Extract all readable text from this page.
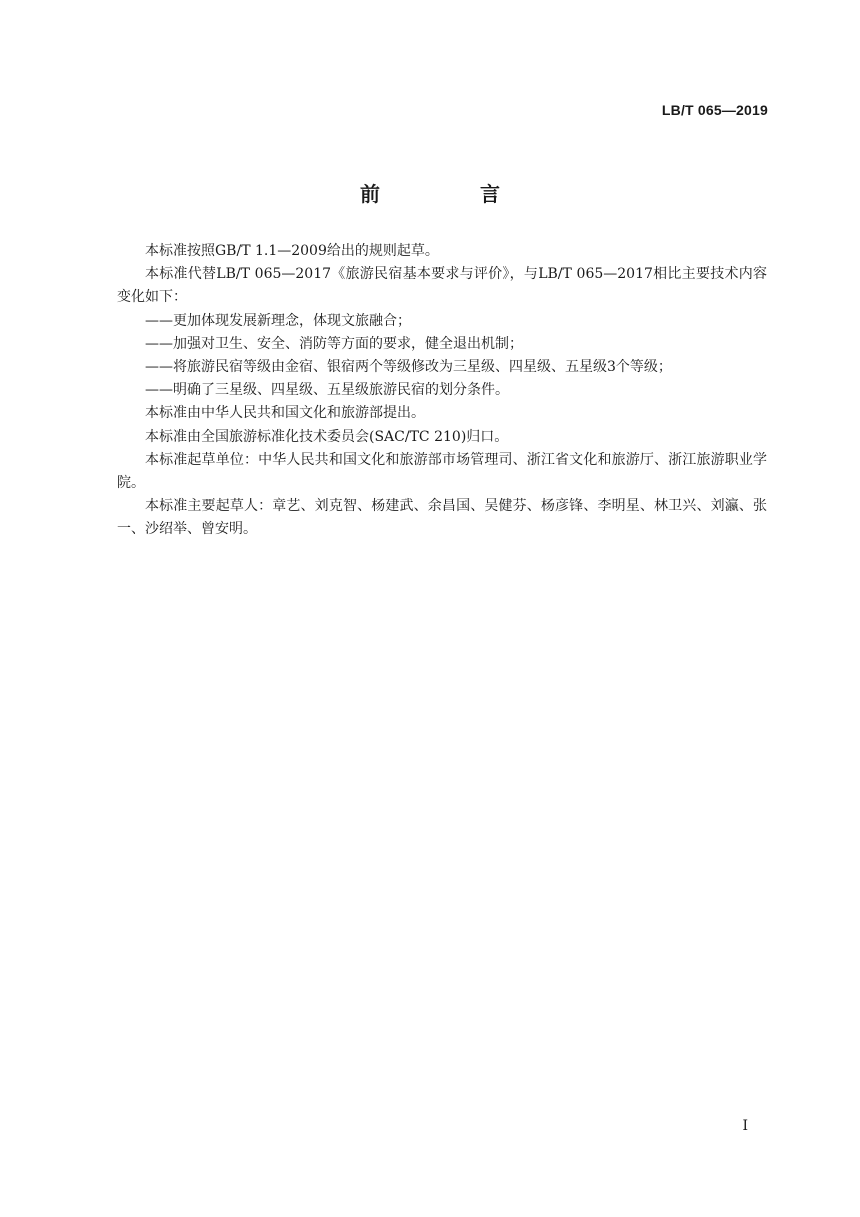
LB/T 065—2019
前　言

本标准按照GB/T 1.1—2009给出的规则起草。

本标准代替LB/T 065—2017《旅游民宿基本要求与评价》，与LB/T 065—2017相比主要技术内容变化如下：

——更加体现发展新理念，体现文旅融合；

——加强对卫生、安全、消防等方面的要求，健全退出机制；

——将旅游民宿等级由金宿、银宿两个等级修改为三星级、四星级、五星级3个等级；

——明确了三星级、四星级、五星级旅游民宿的划分条件。

本标准由中华人民共和国文化和旅游部提出。

本标准由全国旅游标准化技术委员会(SAC/TC 210)归口。

本标准起草单位：中华人民共和国文化和旅游部市场管理司、浙江省文化和旅游厅、浙江旅游职业学院。

本标准主要起草人：章艺、刘克智、杨建武、余昌国、吴健芬、杨彦锋、李明星、林卫兴、刘瀛、张一、沙绍举、曾安明。

I
